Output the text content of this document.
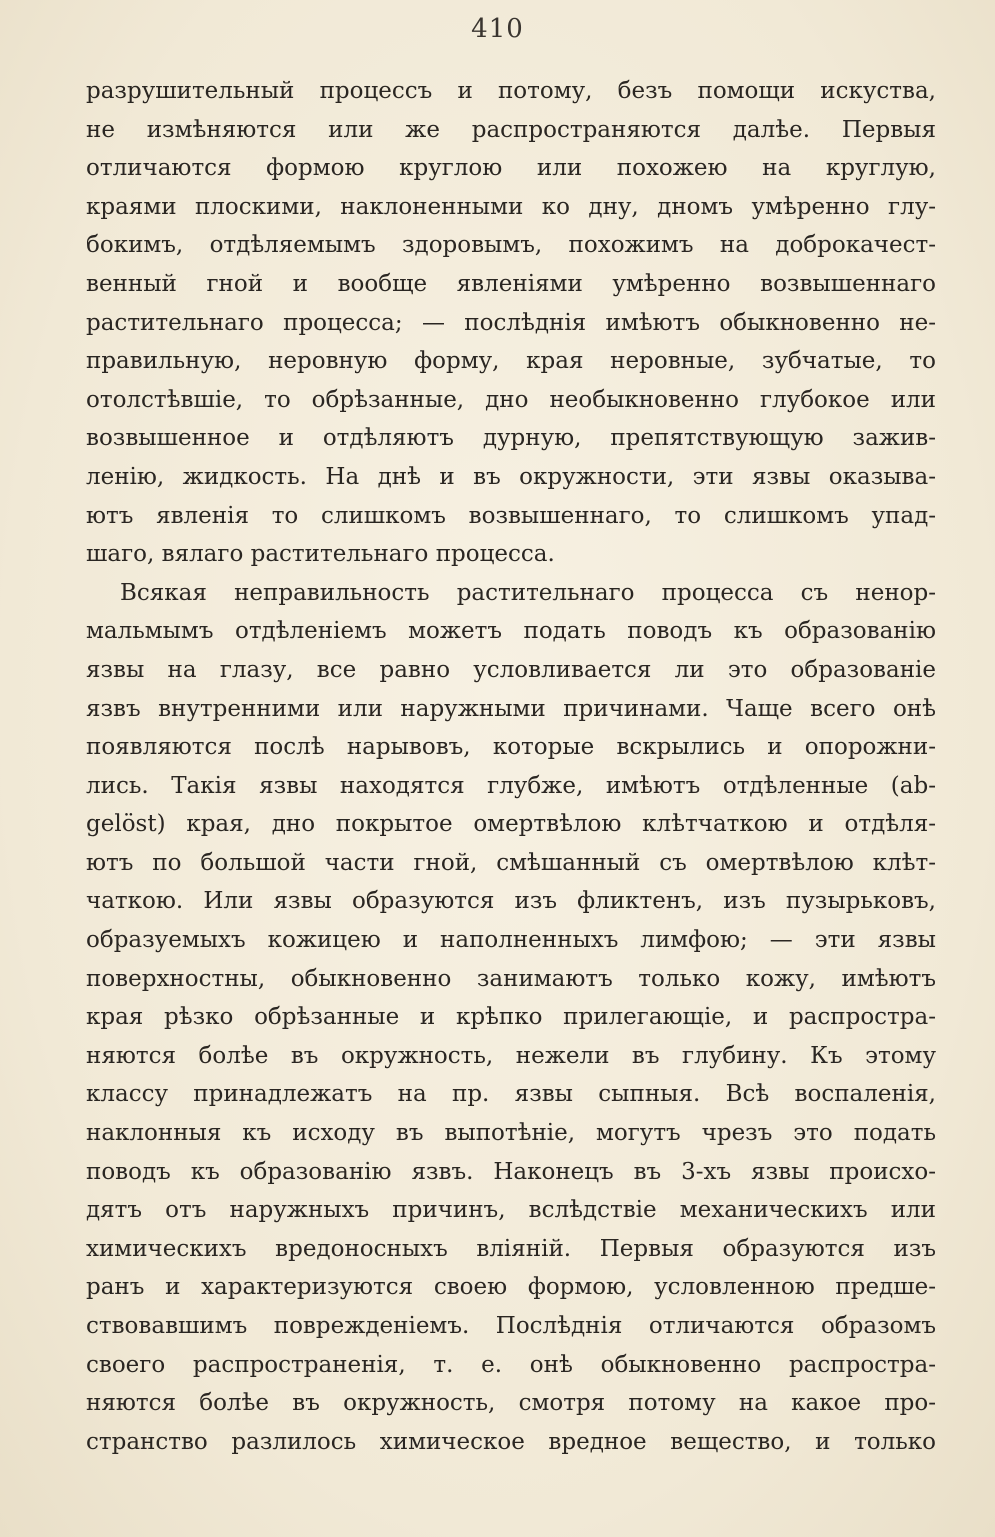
410
разрушительный процессъ и потому, безъ помощи искуства,
не измѣняются или же распространяются далѣе. Первыя
отличаются формою круглою или похожею на круглую,
краями плоскими, наклоненными ко дну, дномъ умѣренно глу-
бокимъ, отдѣляемымъ здоровымъ, похожимъ на доброкачест-
венный гной и вообще явленіями умѣренно возвышеннаго
растительнаго процесса; — послѣднія имѣютъ обыкновенно не-
правильную, неровную форму, края неровные, зубчатые, то
отолстѣвшіе, то обрѣзанные, дно необыкновенно глубокое или
возвышенное и отдѣляютъ дурную, препятствующую зажив-
ленію, жидкость. На днѣ и въ окружности, эти язвы оказыва-
ютъ явленія то слишкомъ возвышеннаго, то слишкомъ упад-
шаго, вялаго растительнаго процесса.
Всякая неправильность растительнаго процесса съ ненор-
мальмымъ отдѣленіемъ можетъ подать поводъ къ образованію
язвы на глазу, все равно условливается ли это образованіе
язвъ внутренними или наружными причинами. Чаще всего онѣ
появляются послѣ нарывовъ, которые вскрылись и опорожни-
лись. Такія язвы находятся глубже, имѣютъ отдѣленные (ab-
gelöst) края, дно покрытое омертвѣлою клѣтчаткою и отдѣля-
ютъ по большой части гной, смѣшанный съ омертвѣлою клѣт-
чаткою. Или язвы образуются изъ фликтенъ, изъ пузырьковъ,
образуемыхъ кожицею и наполненныхъ лимфою; — эти язвы
поверхностны, обыкновенно занимаютъ только кожу, имѣютъ
края рѣзко обрѣзанные и крѣпко прилегающіе, и распростра-
няются болѣе въ окружность, нежели въ глубину. Къ этому
классу принадлежатъ на пр. язвы сыпныя. Всѣ воспаленія,
наклонныя къ исходу въ выпотѣніе, могутъ чрезъ это подать
поводъ къ образованію язвъ. Наконецъ въ 3-хъ язвы происхо-
дятъ отъ наружныхъ причинъ, вслѣдствіе механическихъ или
химическихъ вредоносныхъ вліяній. Первыя образуются изъ
ранъ и характеризуются своею формою, условленною предше-
ствовавшимъ поврежденіемъ. Послѣднія отличаются образомъ
своего распространенія, т. е. онѣ обыкновенно распростра-
няются болѣе въ окружность, смотря потому на какое про-
странство разлилось химическое вредное вещество, и только
